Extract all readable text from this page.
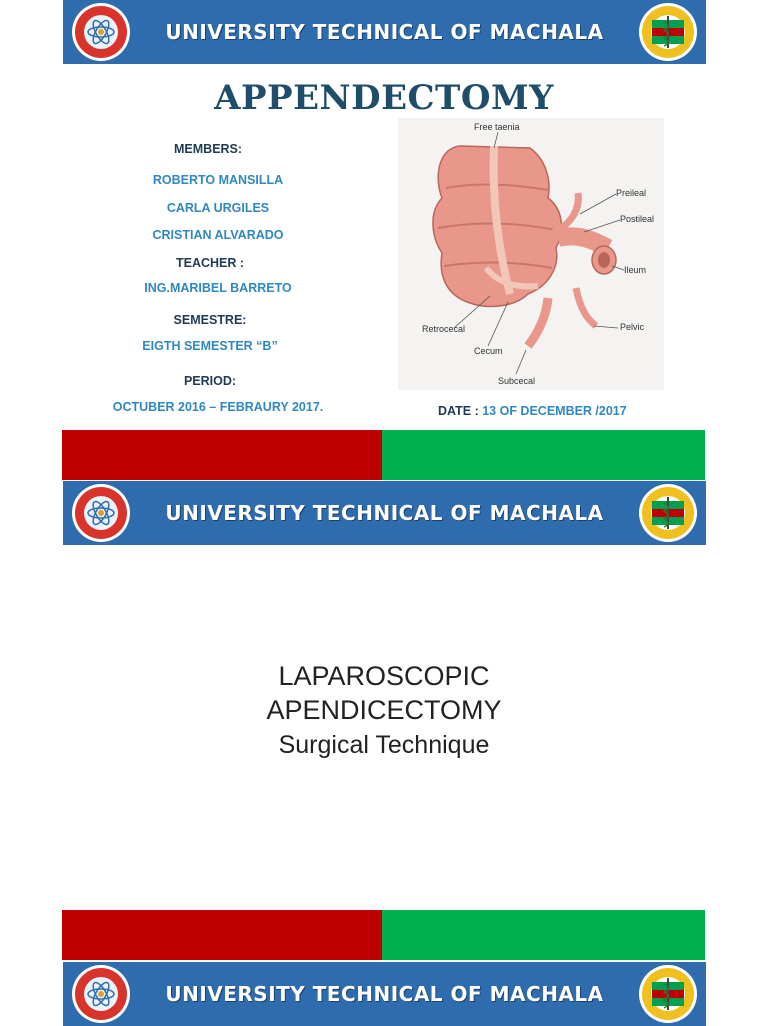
UNIVERSITY TECHNICAL OF MACHALA
APPENDECTOMY
MEMBERS:
ROBERTO MANSILLA
CARLA URGILES
CRISTIAN ALVARADO
TEACHER :
ING.MARIBEL BARRETO
SEMESTRE:
EIGTH SEMESTER “B”
PERIOD:
OCTUBER 2016 – FEBRAURY 2017.
Free taenia
Preileal
Postileal
Ileum
Retrocecal
Cecum
Pelvic
Subcecal
DATE : 13 OF DECEMBER /2017
UNIVERSITY TECHNICAL OF MACHALA
LAPAROSCOPIC
APENDICECTOMY
Surgical Technique
UNIVERSITY TECHNICAL OF MACHALA
